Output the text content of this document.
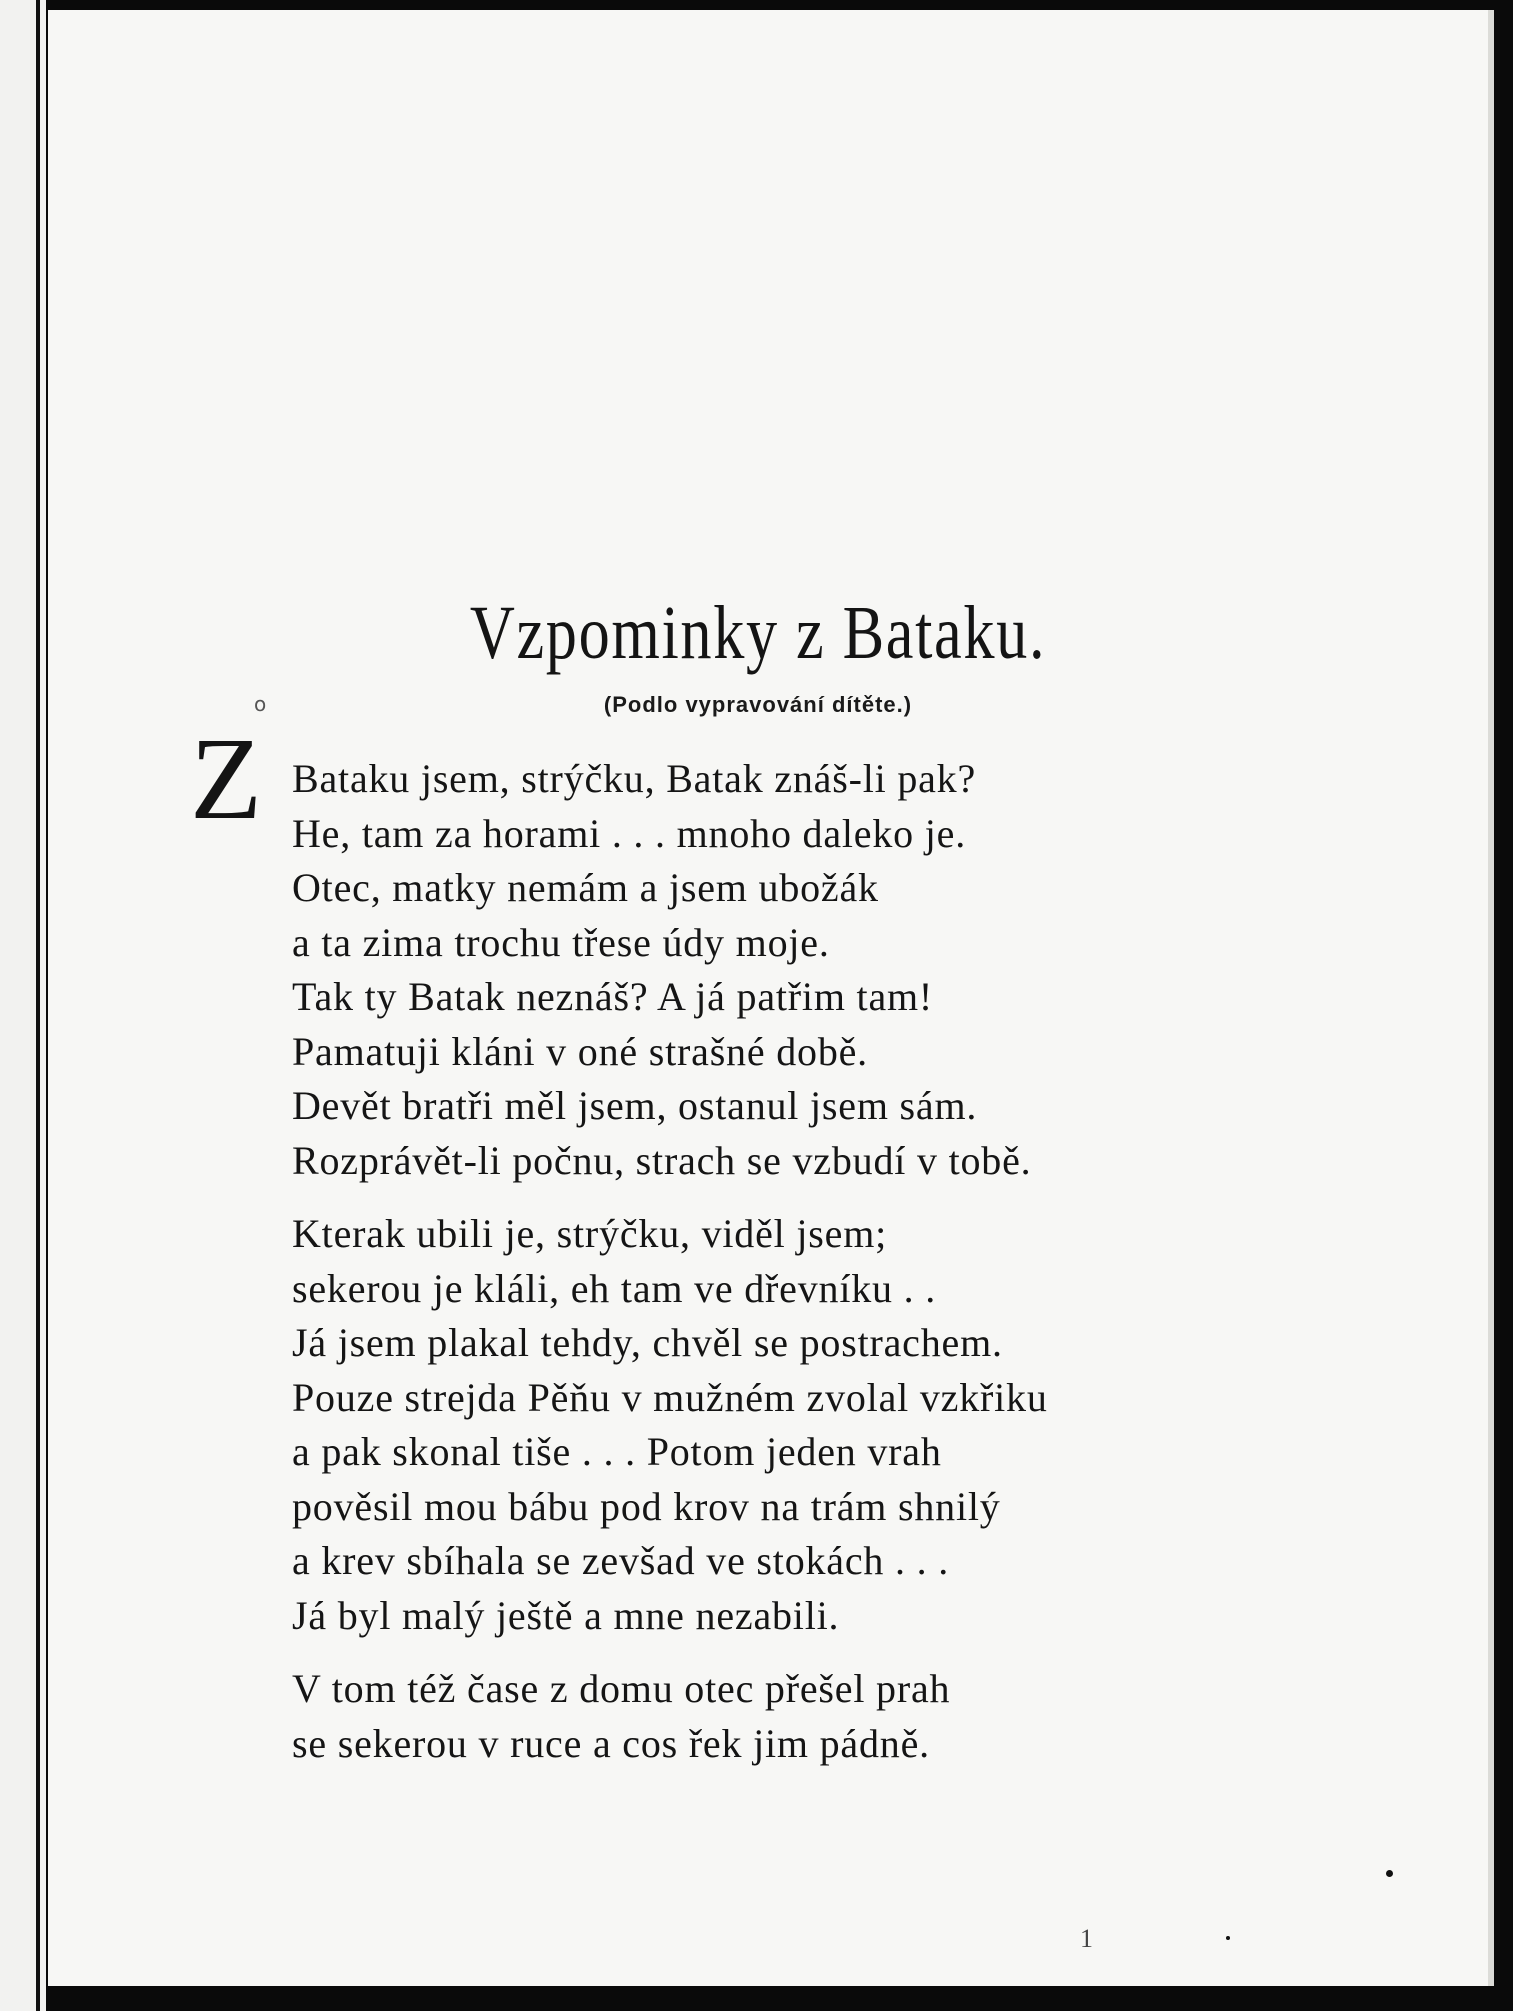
Vzpominky z Bataku.
(Podlo vypravování dítěte.)
Z
o
Bataku jsem, strýčku, Batak znáš-li pak?
He, tam za horami . . . mnoho daleko je.
Otec, matky nemám a jsem ubožák
a ta zima trochu třese údy moje.
Tak ty Batak neznáš? A já patřim tam!
Pamatuji kláni v oné strašné době.
Devět bratři měl jsem, ostanul jsem sám.
Rozprávět-li počnu, strach se vzbudí v tobě.
Kterak ubili je, strýčku, viděl jsem;
sekerou je kláli, eh tam ve dřevníku . .
Já jsem plakal tehdy, chvěl se postrachem.
Pouze strejda Pěňu v mužném zvolal vzkřiku
a pak skonal tiše . . . Potom jeden vrah
pověsil mou bábu pod krov na trám shnilý
a krev sbíhala se zevšad ve stokách . . .
Já byl malý ještě a mne nezabili.
V tom též čase z domu otec přešel prah
se sekerou v ruce a cos řek jim pádně.
1
